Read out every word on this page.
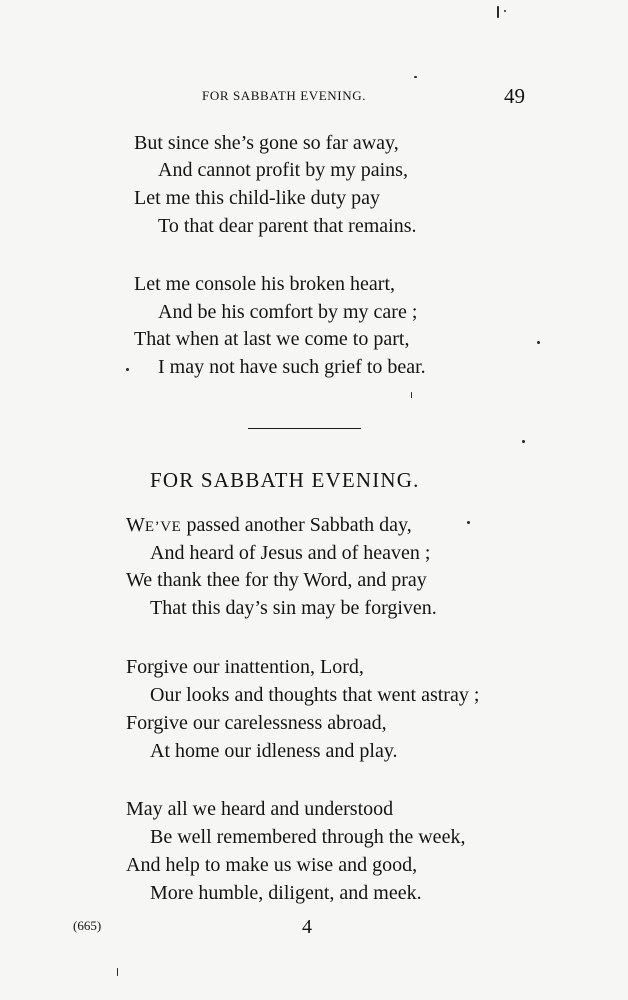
FOR SABBATH EVENING.	49
But since she’s gone so far away,
And cannot profit by my pains,
Let me this child-like duty pay
To that dear parent that remains.
Let me console his broken heart,
And be his comfort by my care ;
That when at last we come to part,
I may not have such grief to bear.
FOR SABBATH EVENING.
WE’VE passed another Sabbath day,
And heard of Jesus and of heaven ;
We thank thee for thy Word, and pray
That this day’s sin may be forgiven.
Forgive our inattention, Lord,
Our looks and thoughts that went astray ;
Forgive our carelessness abroad,
At home our idleness and play.
May all we heard and understood
Be well remembered through the week,
And help to make us wise and good,
More humble, diligent, and meek.
(665)	4
